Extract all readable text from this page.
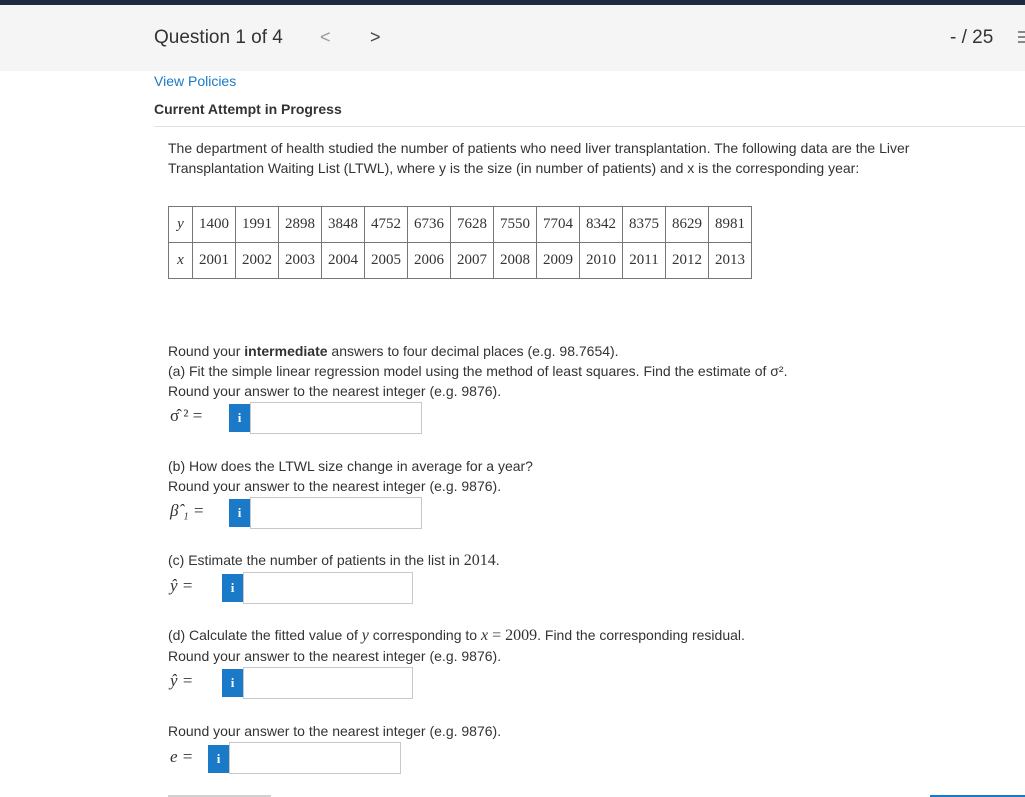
Question 1 of 4 < >	- / 25
View Policies
Current Attempt in Progress
The department of health studied the number of patients who need liver transplantation. The following data are the Liver Transplantation Waiting List (LTWL), where y is the size (in number of patients) and x is the corresponding year:
y	1400	1991	2898	3848	4752	6736	7628	7550	7704	8342	8375	8629	8981
x	2001	2002	2003	2004	2005	2006	2007	2008	2009	2010	2011	2012	2013
Round your intermediate answers to four decimal places (e.g. 98.7654).
(a) Fit the simple linear regression model using the method of least squares. Find the estimate of σ².
Round your answer to the nearest integer (e.g. 9876).
σ̂ ² =	i
(b) How does the LTWL size change in average for a year?
Round your answer to the nearest integer (e.g. 9876).
β̂ ₁ =	i
(c) Estimate the number of patients in the list in 2014.
ŷ =	i
(d) Calculate the fitted value of y corresponding to x = 2009. Find the corresponding residual.
Round your answer to the nearest integer (e.g. 9876).
ŷ =	i
Round your answer to the nearest integer (e.g. 9876).
e =	i
